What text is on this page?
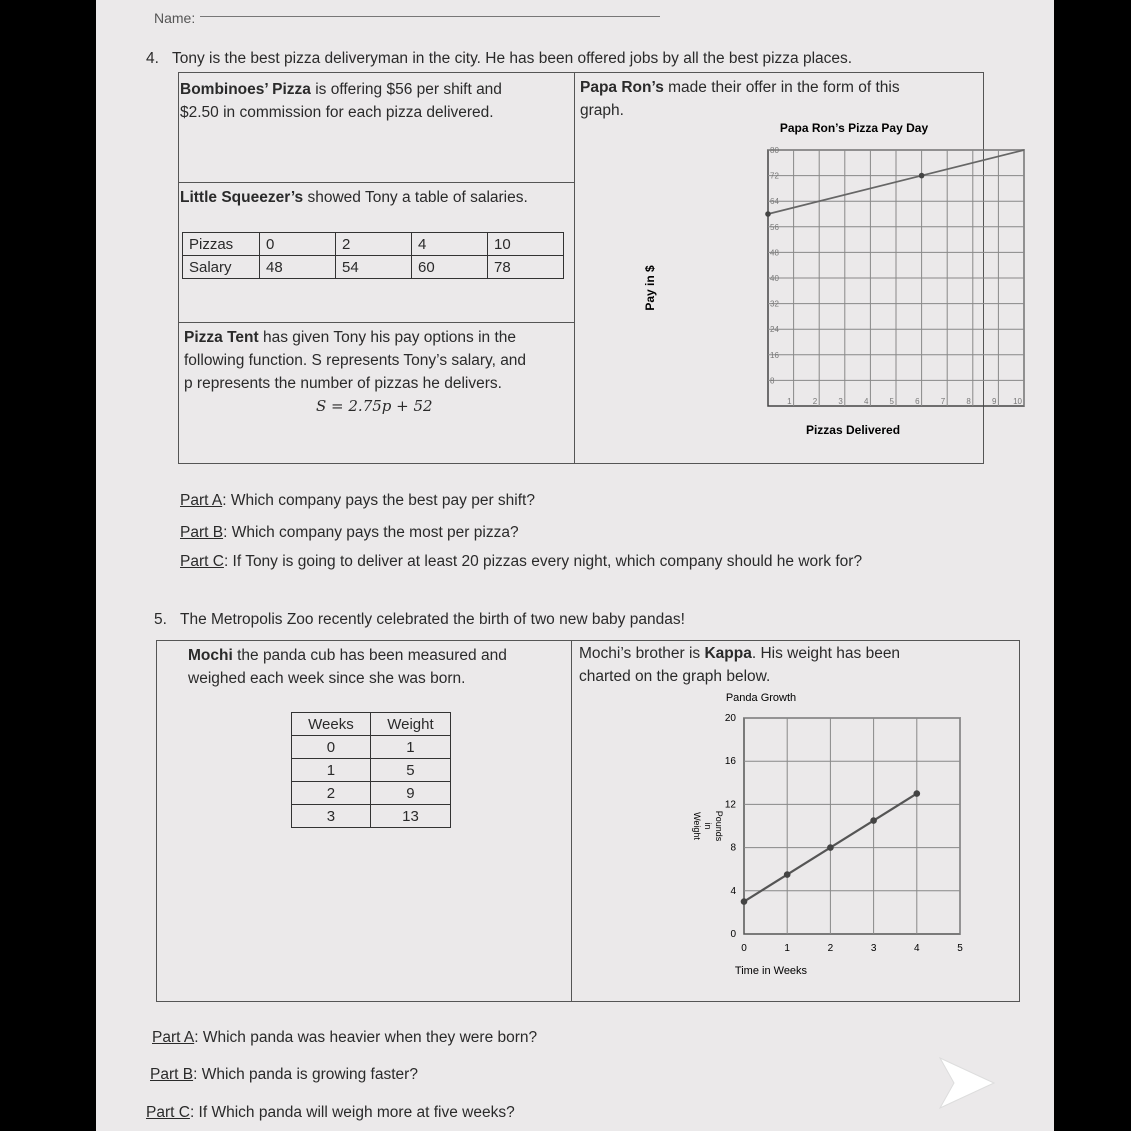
Name:
4. Tony is the best pizza deliveryman in the city. He has been offered jobs by all the best pizza places.
Bombinoes’ Pizza is offering $56 per shift and
$2.50 in commission for each pizza delivered.
Papa Ron’s made their offer in the form of this
graph.
Little Squeezer’s showed Tony a table of salaries.
Pizzas	0	2	4	10
Salary	48	54	60	78
Pizza Tent has given Tony his pay options in the
following function. S represents Tony’s salary, and
p represents the number of pizzas he delivers.
S = 2.75p + 52
Papa Ron’s Pizza Pay Day
Pay in $
Pizzas Delivered
1	2	3	4	5	6	7	8	9 10
8
16
24
32
40
48
56
64
72
80
Part A: Which company pays the best pay per shift?
Part B: Which company pays the most per pizza?
Part C: If Tony is going to deliver at least 20 pizzas every night, which company should he work for?
5. The Metropolis Zoo recently celebrated the birth of two new baby pandas!
Mochi the panda cub has been measured and
weighed each week since she was born.
Mochi’s brother is Kappa. His weight has been
charted on the graph below.
Weeks	Weight
0	1
1	5
2	9
3	13
Panda Growth
Weight in Pounds
Time in Weeks
0	1	2	3	4	5
0
4
8
12
16
20
Part A: Which panda was heavier when they were born?
Part B: Which panda is growing faster?
Part C: If Which panda will weigh more at five weeks?
